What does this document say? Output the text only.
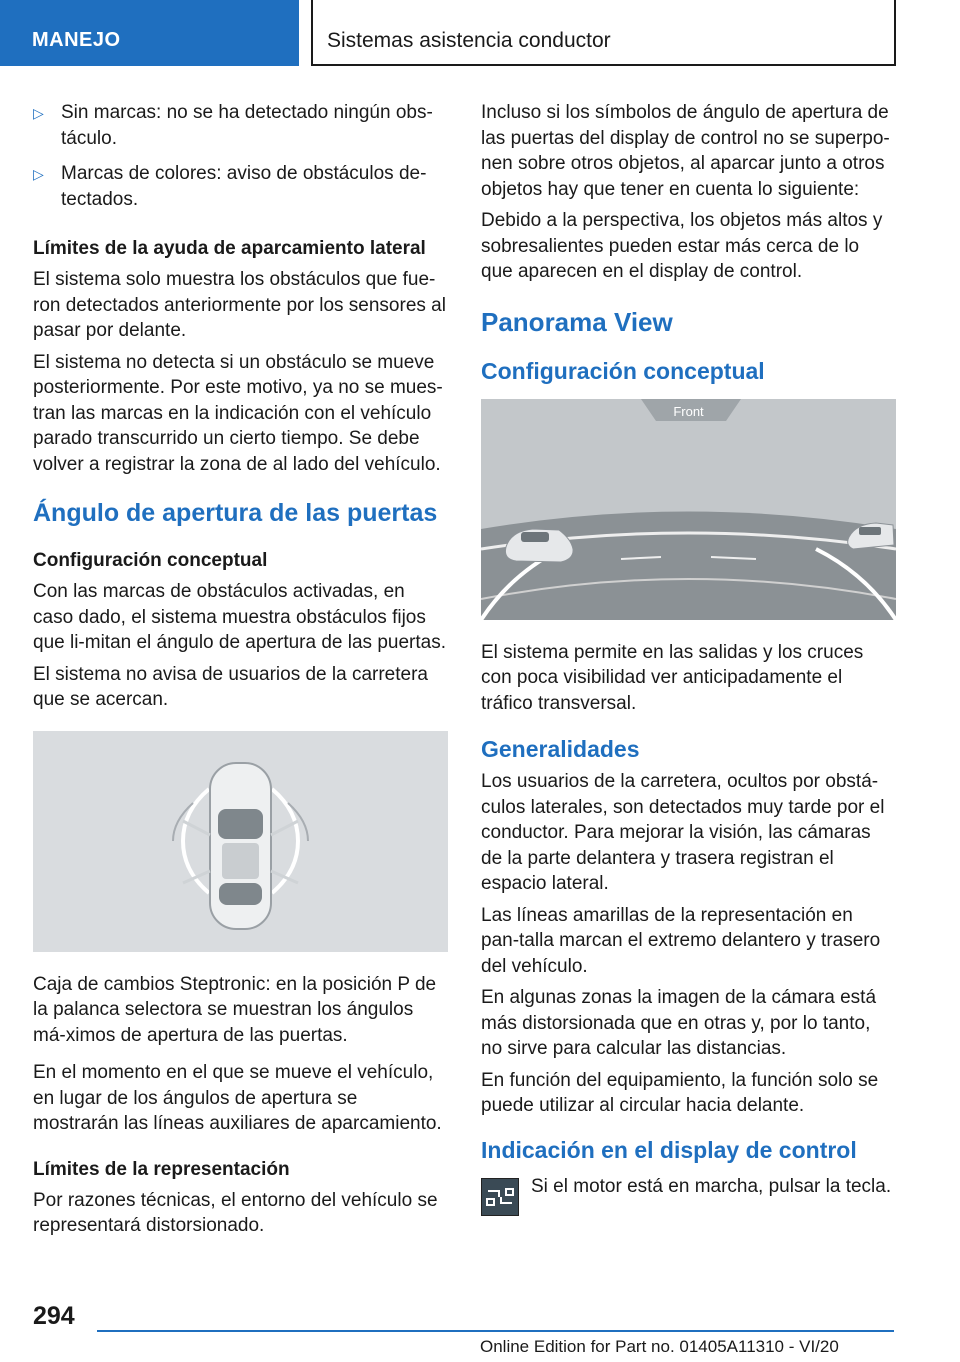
MANEJO	Sistemas asistencia conductor
▷ Sin marcas: no se ha detectado ningún obs-táculo.
▷ Marcas de colores: aviso de obstáculos de-tectados.
Límites de la ayuda de aparcamiento lateral

El sistema solo muestra los obstáculos que fue-ron detectados anteriormente por los sensores al pasar por delante.

El sistema no detecta si un obstáculo se mueve posteriormente. Por este motivo, ya no se mues-tran las marcas en la indicación con el vehículo parado transcurrido un cierto tiempo. Se debe volver a registrar la zona de al lado del vehículo.

Ángulo de apertura de las puertas
Configuración conceptual

Con las marcas de obstáculos activadas, en caso dado, el sistema muestra obstáculos fijos que li-mitan el ángulo de apertura de las puertas.

El sistema no avisa de usuarios de la carretera que se acercan.

Caja de cambios Steptronic: en la posición P de la palanca selectora se muestran los ángulos má-ximos de apertura de las puertas.

En el momento en el que se mueve el vehículo, en lugar de los ángulos de apertura se mostrarán las líneas auxiliares de aparcamiento.

Límites de la representación

Por razones técnicas, el entorno del vehículo se representará distorsionado.

Incluso si los símbolos de ángulo de apertura de las puertas del display de control no se superpo-nen sobre otros objetos, al aparcar junto a otros objetos hay que tener en cuenta lo siguiente:

Debido a la perspectiva, los objetos más altos y sobresalientes pueden estar más cerca de lo que aparecen en el display de control.

Panorama View
Configuración conceptual
Front

El sistema permite en las salidas y los cruces con poca visibilidad ver anticipadamente el tráfico transversal.

Generalidades

Los usuarios de la carretera, ocultos por obstá-culos laterales, son detectados muy tarde por el conductor. Para mejorar la visión, las cámaras de la parte delantera y trasera registran el espacio lateral.

Las líneas amarillas de la representación en pan-talla marcan el extremo delantero y trasero del vehículo.

En algunas zonas la imagen de la cámara está más distorsionada que en otras y, por lo tanto, no sirve para calcular las distancias.

En función del equipamiento, la función solo se puede utilizar al circular hacia delante.

Indicación en el display de control

Si el motor está en marcha, pulsar la tecla.

294
Online Edition for Part no. 01405A11310 - VI/20
